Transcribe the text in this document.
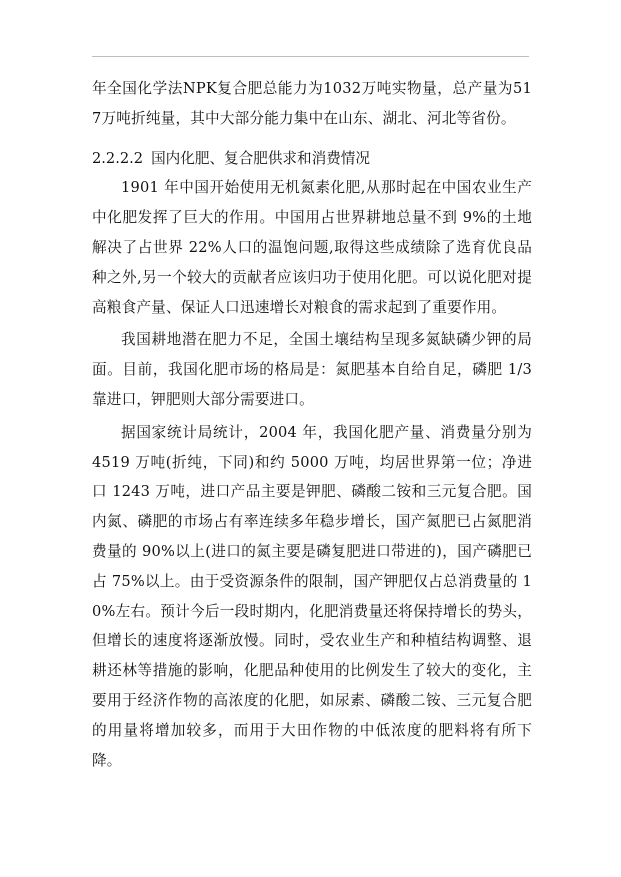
年全国化学法NPK复合肥总能力为1032万吨实物量，总产量为517万吨折纯量，其中大部分能力集中在山东、湖北、河北等省份。

2.2.2.2 国内化肥、复合肥供求和消费情况

1901 年中国开始使用无机氮素化肥,从那时起在中国农业生产中化肥发挥了巨大的作用。中国用占世界耕地总量不到 9%的土地解决了占世界 22%人口的温饱问题,取得这些成绩除了选育优良品种之外,另一个较大的贡献者应该归功于使用化肥。可以说化肥对提高粮食产量、保证人口迅速增长对粮食的需求起到了重要作用。

我国耕地潜在肥力不足，全国土壤结构呈现多氮缺磷少钾的局面。目前，我国化肥市场的格局是：氮肥基本自给自足，磷肥 1/3 靠进口，钾肥则大部分需要进口。

据国家统计局统计，2004 年，我国化肥产量、消费量分别为 4519 万吨(折纯，下同)和约 5000 万吨，均居世界第一位；净进口 1243 万吨，进口产品主要是钾肥、磷酸二铵和三元复合肥。国内氮、磷肥的市场占有率连续多年稳步增长，国产氮肥已占氮肥消费量的 90%以上(进口的氮主要是磷复肥进口带进的)，国产磷肥已占 75%以上。由于受资源条件的限制，国产钾肥仅占总消费量的 10%左右。预计今后一段时期内，化肥消费量还将保持增长的势头，但增长的速度将逐渐放慢。同时，受农业生产和种植结构调整、退耕还林等措施的影响，化肥品种使用的比例发生了较大的变化，主要用于经济作物的高浓度的化肥，如尿素、磷酸二铵、三元复合肥的用量将增加较多，而用于大田作物的中低浓度的肥料将有所下降。
